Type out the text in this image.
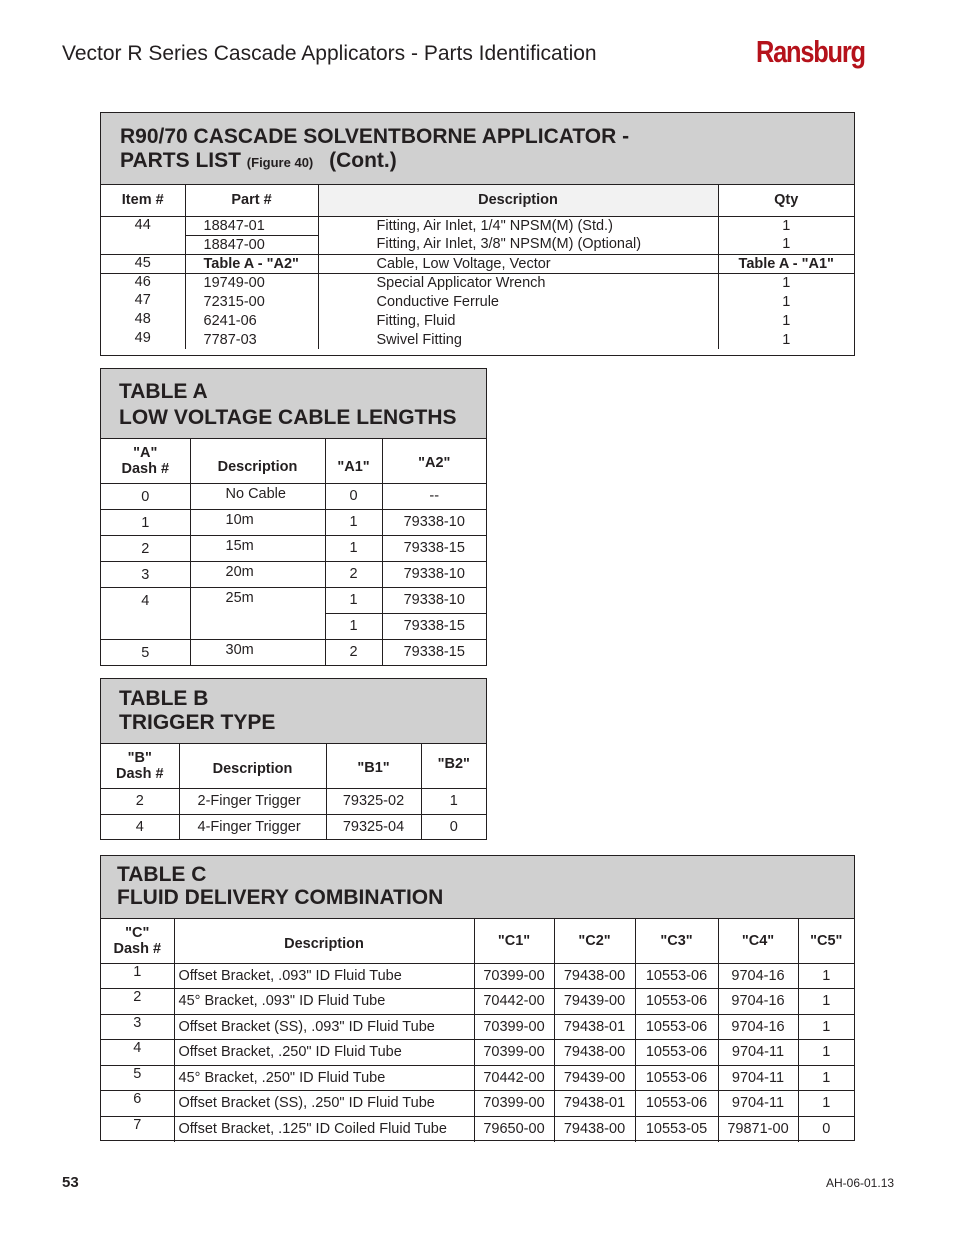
Vector R Series Cascade Applicators - Parts Identification	Ransburg
R90/70 CASCADE SOLVENTBORNE APPLICATOR -
PARTS LIST (Figure 40) (Cont.)
Item #	Part #	Description	Qty
44	18847-01	Fitting, Air Inlet, 1/4" NPSM(M) (Std.)	1
	18847-00	Fitting, Air Inlet, 3/8" NPSM(M) (Optional)	1
45	Table A - "A2"	Cable, Low Voltage, Vector	Table A - "A1"
46	19749-00	Special Applicator Wrench	1
47	72315-00	Conductive Ferrule	1
48	6241-06	Fitting, Fluid	1
49	7787-03	Swivel Fitting	1
TABLE A
LOW VOLTAGE CABLE LENGTHS
"A"
Dash #	Description	"A1"	"A2"
0	No Cable	0	--
1	10m	1	79338-10
2	15m	1	79338-15
3	20m	2	79338-10
4	25m	1	79338-10
		1	79338-15
5	30m	2	79338-15
TABLE B
TRIGGER TYPE
"B"
Dash #	Description	"B1"	"B2"
2	2-Finger Trigger	79325-02	1
4	4-Finger Trigger	79325-04	0
TABLE C
FLUID DELIVERY COMBINATION
"C"
Dash #	Description	"C1"	"C2"	"C3"	"C4"	"C5"
1	Offset Bracket, .093" ID Fluid Tube	70399-00	79438-00	10553-06	9704-16	1
2	45° Bracket, .093" ID Fluid Tube	70442-00	79439-00	10553-06	9704-16	1
3	Offset Bracket (SS), .093" ID Fluid Tube	70399-00	79438-01	10553-06	9704-16	1
4	Offset Bracket, .250" ID Fluid Tube	70399-00	79438-00	10553-06	9704-11	1
5	45° Bracket, .250" ID Fluid Tube	70442-00	79439-00	10553-06	9704-11	1
6	Offset Bracket (SS), .250" ID Fluid Tube	70399-00	79438-01	10553-06	9704-11	1
7	Offset Bracket, .125" ID Coiled Fluid Tube	79650-00	79438-00	10553-05	79871-00	0
53	AH-06-01.13
